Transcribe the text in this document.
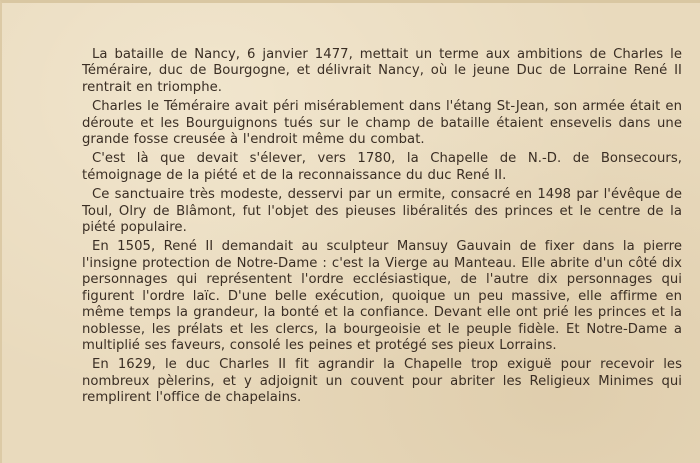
La bataille de Nancy, 6 janvier 1477, mettait un terme aux ambitions de Charles le Téméraire, duc de Bourgogne, et délivrait Nancy, où le jeune Duc de Lorraine René II rentrait en triomphe.

Charles le Téméraire avait péri misérablement dans l'étang St-Jean, son armée était en déroute et les Bourguignons tués sur le champ de bataille étaient ensevelis dans une grande fosse creusée à l'endroit même du combat.

C'est là que devait s'élever, vers 1780, la Chapelle de N.-D. de Bonsecours, témoignage de la piété et de la reconnaissance du duc René II.

Ce sanctuaire très modeste, desservi par un ermite, consacré en 1498 par l'évêque de Toul, Olry de Blâmont, fut l'objet des pieuses libéralités des princes et le centre de la piété populaire.

En 1505, René II demandait au sculpteur Mansuy Gauvain de fixer dans la pierre l'insigne protection de Notre-Dame : c'est la Vierge au Manteau. Elle abrite d'un côté dix personnages qui représentent l'ordre ecclésiastique, de l'autre dix personnages qui figurent l'ordre laïc. D'une belle exécution, quoique un peu massive, elle affirme en même temps la grandeur, la bonté et la confiance. Devant elle ont prié les princes et la noblesse, les prélats et les clercs, la bourgeoisie et le peuple fidèle. Et Notre-Dame a multiplié ses faveurs, consolé les peines et protégé ses pieux Lorrains.

En 1629, le duc Charles II fit agrandir la Chapelle trop exiguë pour recevoir les nombreux pèlerins, et y adjoignit un couvent pour abriter les Religieux Minimes qui remplirent l'office de chapelains.
